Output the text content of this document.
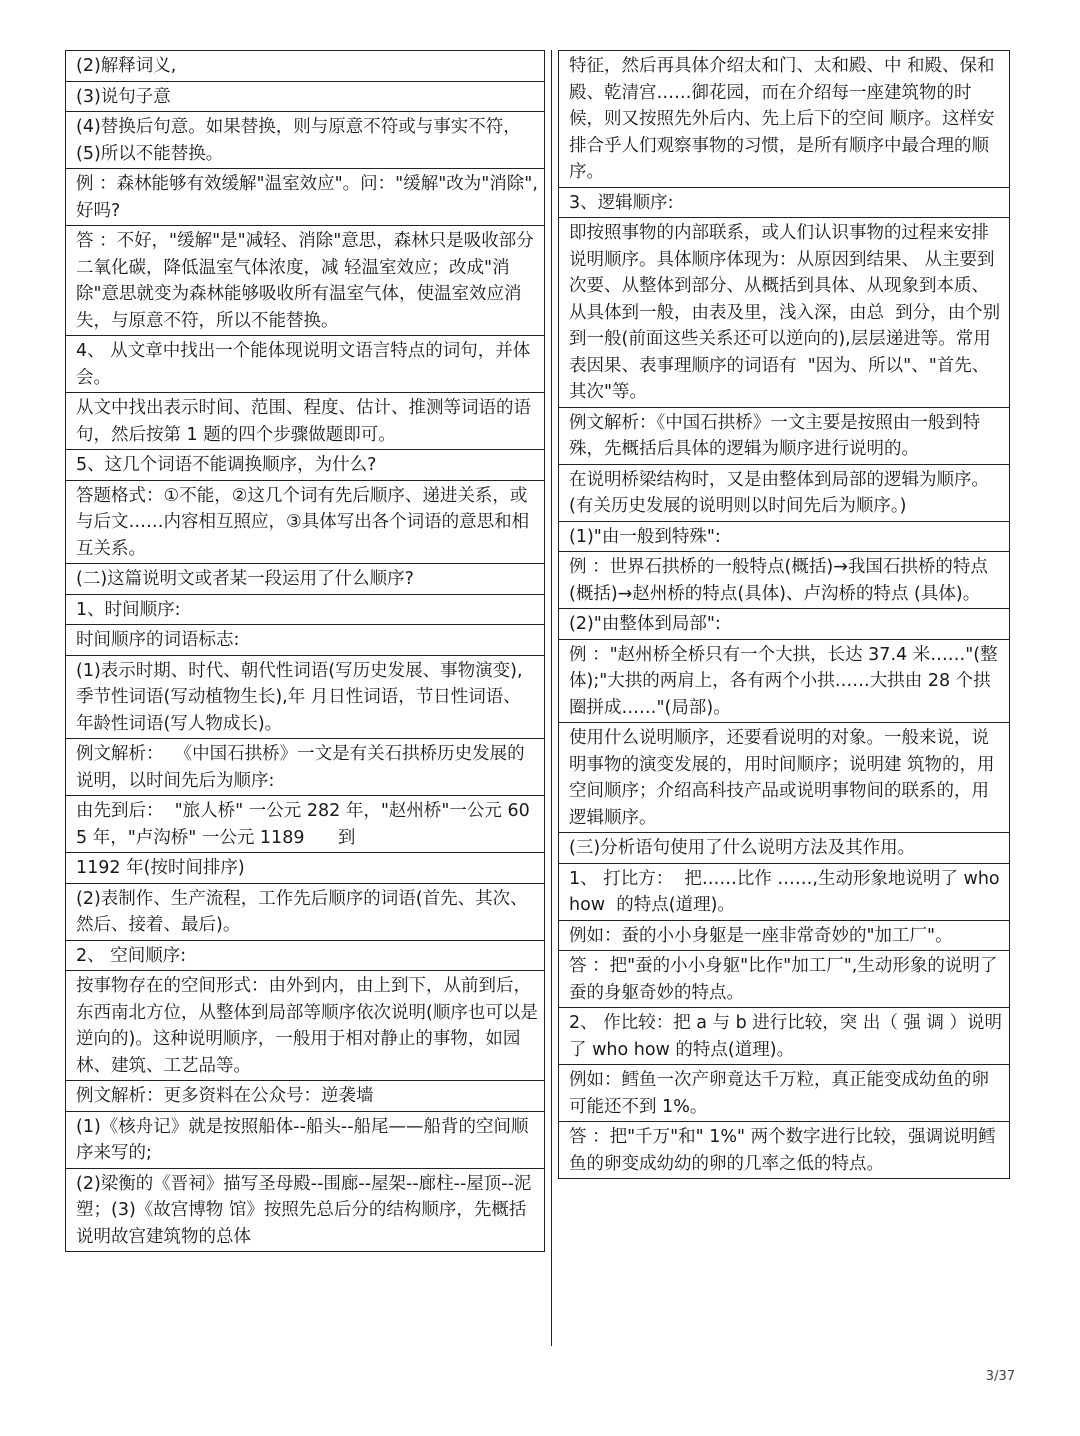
(2)解释词义,
(3)说句子意
(4)替换后句意。如果替换，则与原意不符或与事实不符，  (5)所以不能替换。
例 ：森林能够有效缓解"温室效应"。问："缓解"改为"消除",好吗?
答 ：不好，"缓解"是"减轻、消除"意思，森林只是吸收部分二氧化碳，降低温室气体浓度，减 轻温室效应；改成"消除"意思就变为森林能够吸收所有温室气体，使温室效应消失，与原意不符，所以不能替换。
4、 从文章中找出一个能体现说明文语言特点的词句，并体会。
从文中找出表示时间、范围、程度、估计、推测等词语的语句，然后按第 1 题的四个步骤做题即可。
5、这几个词语不能调换顺序，为什么?
答题格式：①不能，②这几个词有先后顺序、递进关系，或与后文……内容相互照应，③具体写出各个词语的意思和相互关系。
(二)这篇说明文或者某一段运用了什么顺序?
1、时间顺序:
时间顺序的词语标志:
(1)表示时期、时代、朝代性词语(写历史发展、事物演变),季节性词语(写动植物生长),年 月日性词语，节日性词语、年龄性词语(写人物成长)。
例文解析：  《中国石拱桥》一文是有关石拱桥历史发展的说明，以时间先后为顺序:
由先到后：  "旅人桥" 一公元 282 年，"赵州桥"一公元 605 年，"卢沟桥" 一公元 1189      到
1192 年(按时间排序)
(2)表制作、生产流程，工作先后顺序的词语(首先、其次、然后、接着、最后)。
2、 空间顺序:
按事物存在的空间形式：由外到内，由上到下，从前到后，东西南北方位，从整体到局部等顺序依次说明(顺序也可以是逆向的)。这种说明顺序，一般用于相对静止的事物，如园林、建筑、工艺品等。
例文解析：更多资料在公众号：逆袭墙
(1)《核舟记》就是按照船体--船头--船尾——船背的空间顺序来写的;
(2)梁衡的《晋祠》描写圣母殿--围廊--屋架--廊柱--屋顶--泥塑；(3)《故宫博物 馆》按照先总后分的结构顺序，先概括说明故宫建筑物的总体
特征，然后再具体介绍太和门、太和殿、中 和殿、保和殿、乾清宫……御花园，而在介绍每一座建筑物的时候，则又按照先外后内、先上后下的空间 顺序。这样安排合乎人们观察事物的习惯，是所有顺序中最合理的顺序。
3、逻辑顺序:
即按照事物的内部联系，或人们认识事物的过程来安排说明顺序。具体顺序体现为：从原因到结果、 从主要到次要、从整体到部分、从概括到具体、从现象到本质、从具体到一般，由表及里，浅入深，由总  到分，由个别到一般(前面这些关系还可以逆向的),层层递进等。常用表因果、表事理顺序的词语有  "因为、所以"、"首先、其次"等。
例文解析：《中国石拱桥》一文主要是按照由一般到特殊，先概括后具体的逻辑为顺序进行说明的。
在说明桥梁结构时，又是由整体到局部的逻辑为顺序。(有关历史发展的说明则以时间先后为顺序。)
(1)"由一般到特殊":
例 ：世界石拱桥的一般特点(概括)→我国石拱桥的特点(概括)→赵州桥的特点(具体)、卢沟桥的特点 (具体)。
(2)"由整体到局部":
例 ："赵州桥全桥只有一个大拱，长达 37.4 米……"(整体);"大拱的两肩上，各有两个小拱……大拱由 28 个拱圈拼成……"(局部)。
使用什么说明顺序，还要看说明的对象。一般来说，说明事物的演变发展的，用时间顺序；说明建 筑物的，用空间顺序；介绍高科技产品或说明事物间的联系的，用逻辑顺序。
(三)分析语句使用了什么说明方法及其作用。
1、 打比方：  把……比作 ……,生动形象地说明了 who how  的特点(道理)。
例如：蚕的小小身躯是一座非常奇妙的"加工厂"。
答 ：把"蚕的小小身躯"比作"加工厂",生动形象的说明了蚕的身躯奇妙的特点。
2、 作比较：把 a 与 b 进行比较，突 出（ 强 调 ）说明了 who how 的特点(道理)。
例如：鳕鱼一次产卵竟达千万粒，真正能变成幼鱼的卵可能还不到 1%。
答 ：把"千万"和" 1%" 两个数字进行比较，强调说明鳕鱼的卵变成幼幼的卵的几率之低的特点。
3/37
